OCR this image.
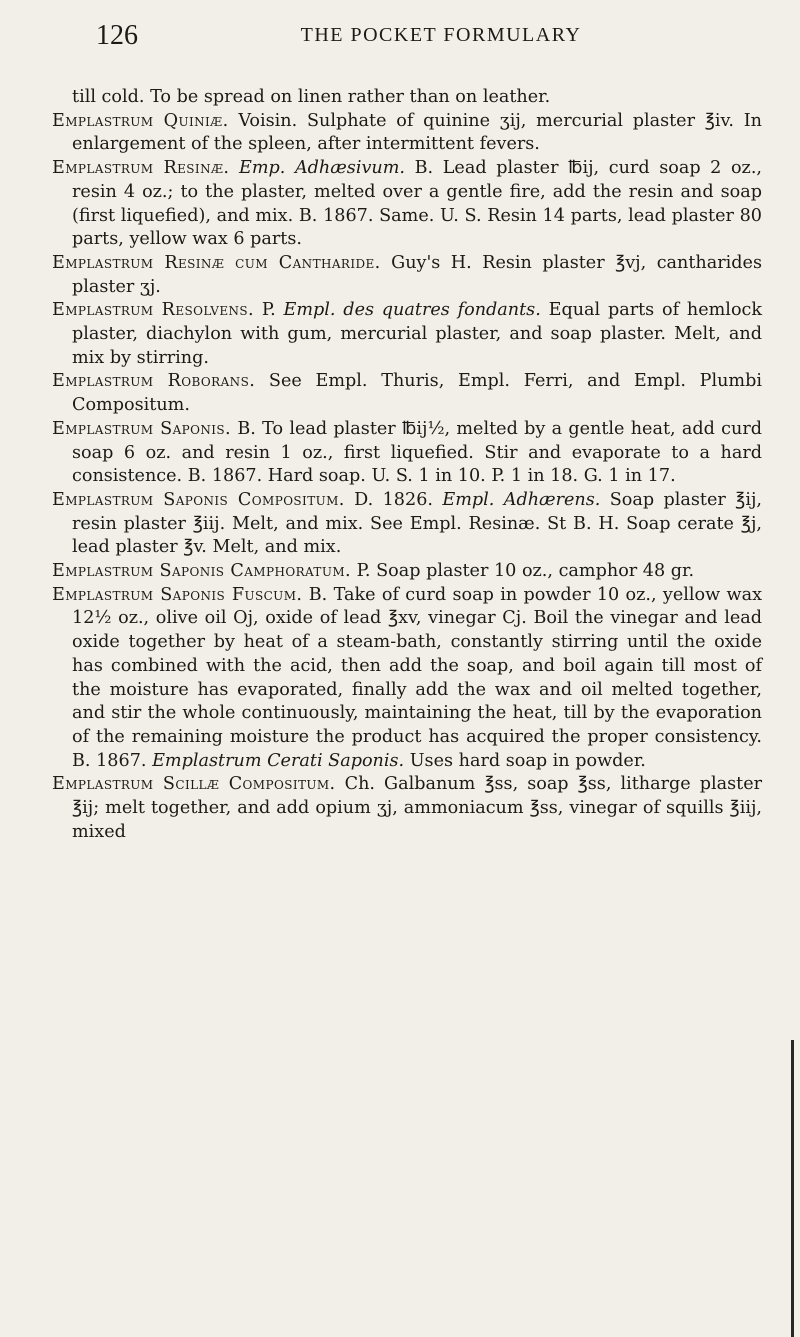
126	THE POCKET FORMULARY

till cold. To be spread on linen rather than on leather.

Emplastrum Quiniæ. Voisin. Sulphate of quinine ʒij, mercurial plaster ℥iv. In enlargement of the spleen, after intermittent fevers.

Emplastrum Resinæ. Emp. Adhæsivum. B. Lead plaster ℔ij, curd soap 2 oz., resin 4 oz.; to the plaster, melted over a gentle fire, add the resin and soap (first liquefied), and mix. B. 1867. Same. U. S. Resin 14 parts, lead plaster 80 parts, yellow wax 6 parts.

Emplastrum Resinæ cum Cantharide. Guy's H. Resin plaster ℥vj, cantharides plaster ʒj.

Emplastrum Resolvens. P. Empl. des quatres fondants. Equal parts of hemlock plaster, diachylon with gum, mercurial plaster, and soap plaster. Melt, and mix by stirring.

Emplastrum Roborans. See Empl. Thuris, Empl. Ferri, and Empl. Plumbi Compositum.

Emplastrum Saponis. B. To lead plaster ℔ij½, melted by a gentle heat, add curd soap 6 oz. and resin 1 oz., first liquefied. Stir and evaporate to a hard consistence. B. 1867. Hard soap. U. S. 1 in 10. P. 1 in 18. G. 1 in 17.

Emplastrum Saponis Compositum. D. 1826. Empl. Adhærens. Soap plaster ℥ij, resin plaster ℥iij. Melt, and mix. See Empl. Resinæ. St B. H. Soap cerate ℥j, lead plaster ℥v. Melt, and mix.

Emplastrum Saponis Camphoratum. P. Soap plaster 10 oz., camphor 48 gr.

Emplastrum Saponis Fuscum. B. Take of curd soap in powder 10 oz., yellow wax 12½ oz., olive oil Oj, oxide of lead ℥xv, vinegar Cj. Boil the vinegar and lead oxide together by heat of a steam-bath, constantly stirring until the oxide has combined with the acid, then add the soap, and boil again till most of the moisture has evaporated, finally add the wax and oil melted together, and stir the whole continuously, maintaining the heat, till by the evaporation of the remaining moisture the product has acquired the proper consistency. B. 1867. Emplastrum Cerati Saponis. Uses hard soap in powder.

Emplastrum Scillæ Compositum. Ch. Galbanum ℥ss, soap ℥ss, litharge plaster ℥ij; melt together, and add opium ʒj, ammoniacum ℥ss, vinegar of squills ℥iij, mixed
